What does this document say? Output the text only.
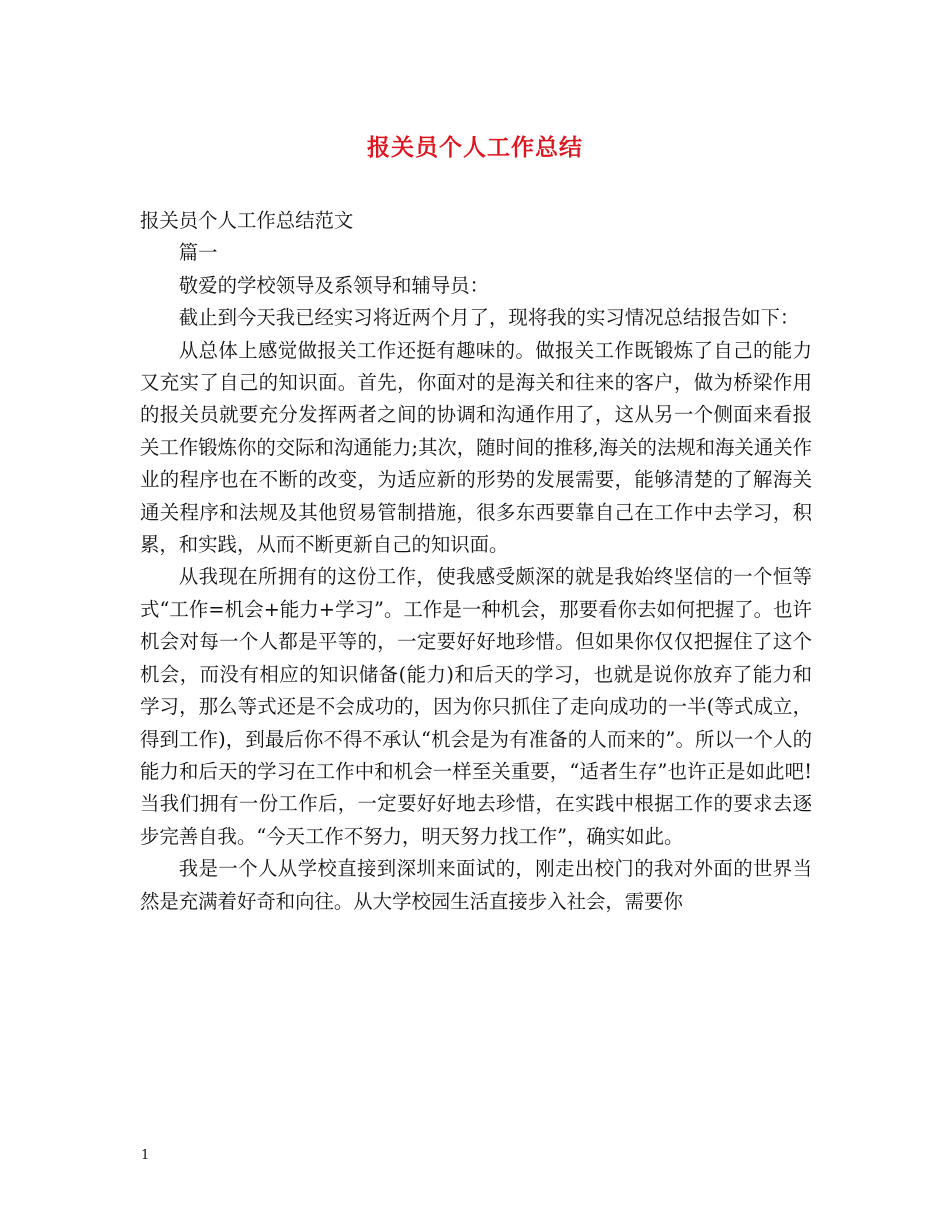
报关员个人工作总结

报关员个人工作总结范文

篇一

敬爱的学校领导及系领导和辅导员：

截止到今天我已经实习将近两个月了，现将我的实习情况总结报告如下：

从总体上感觉做报关工作还挺有趣味的。做报关工作既锻炼了自己的能力又充实了自己的知识面。首先，你面对的是海关和往来的客户，做为桥梁作用的报关员就要充分发挥两者之间的协调和沟通作用了，这从另一个侧面来看报关工作锻炼你的交际和沟通能力;其次，随时间的推移,海关的法规和海关通关作业的程序也在不断的改变，为适应新的形势的发展需要，能够清楚的了解海关通关程序和法规及其他贸易管制措施，很多东西要靠自己在工作中去学习，积累，和实践，从而不断更新自己的知识面。

从我现在所拥有的这份工作，使我感受颇深的就是我始终坚信的一个恒等式“工作=机会+能力+学习”。工作是一种机会，那要看你去如何把握了。也许机会对每一个人都是平等的，一定要好好地珍惜。但如果你仅仅把握住了这个机会，而没有相应的知识储备(能力)和后天的学习，也就是说你放弃了能力和学习，那么等式还是不会成功的，因为你只抓住了走向成功的一半(等式成立，得到工作)，到最后你不得不承认“机会是为有准备的人而来的”。所以一个人的能力和后天的学习在工作中和机会一样至关重要，“适者生存”也许正是如此吧!当我们拥有一份工作后，一定要好好地去珍惜，在实践中根据工作的要求去逐步完善自我。“今天工作不努力，明天努力找工作”，确实如此。

我是一个人从学校直接到深圳来面试的，刚走出校门的我对外面的世界当然是充满着好奇和向往。从大学校园生活直接步入社会，需要你

1
